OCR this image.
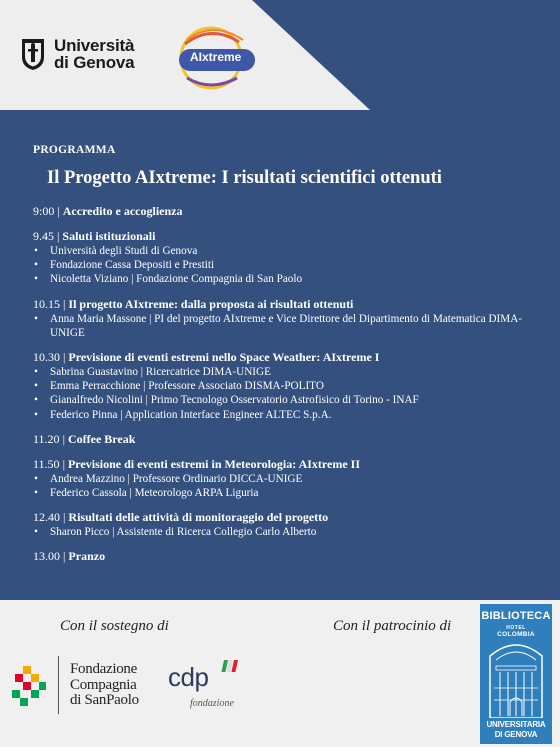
Università
di Genova	AIxtreme
PROGRAMMA
Il Progetto AIxtreme: I risultati scientifici ottenuti
9:00 | Accredito e accoglienza
9.45 | Saluti istituzionali
• Università degli Studi di Genova
• Fondazione Cassa Depositi e Prestiti
• Nicoletta Viziano | Fondazione Compagnia di San Paolo
10.15 | Il progetto AIxtreme: dalla proposta ai risultati ottenuti
• Anna Maria Massone | PI del progetto AIxtreme e Vice Direttore del Dipartimento di Matematica DIMA-UNIGE
10.30 | Previsione di eventi estremi nello Space Weather: AIxtreme I
• Sabrina Guastavino | Ricercatrice DIMA-UNIGE
• Emma Perracchione | Professore Associato DISMA-POLITO
• Gianalfredo Nicolini | Primo Tecnologo Osservatorio Astrofisico di Torino - INAF
• Federico Pinna | Application Interface Engineer ALTEC S.p.A.
11.20 | Coffee Break
11.50 | Previsione di eventi estremi in Meteorologia: AIxtreme II
• Andrea Mazzino | Professore Ordinario DICCA-UNIGE
• Federico Cassola | Meteorologo ARPA Liguria
12.40 | Risultati delle attività di monitoraggio del progetto
• Sharon Picco | Assistente di Ricerca Collegio Carlo Alberto
13.00 | Pranzo
Con il sostegno di	Con il patrocinio di
Fondazione
Compagnia
di SanPaolo
cdp
fondazione
BIBLIOTECA
HOTEL
COLOMBIA
UNIVERSITARIA
DI GENOVA
